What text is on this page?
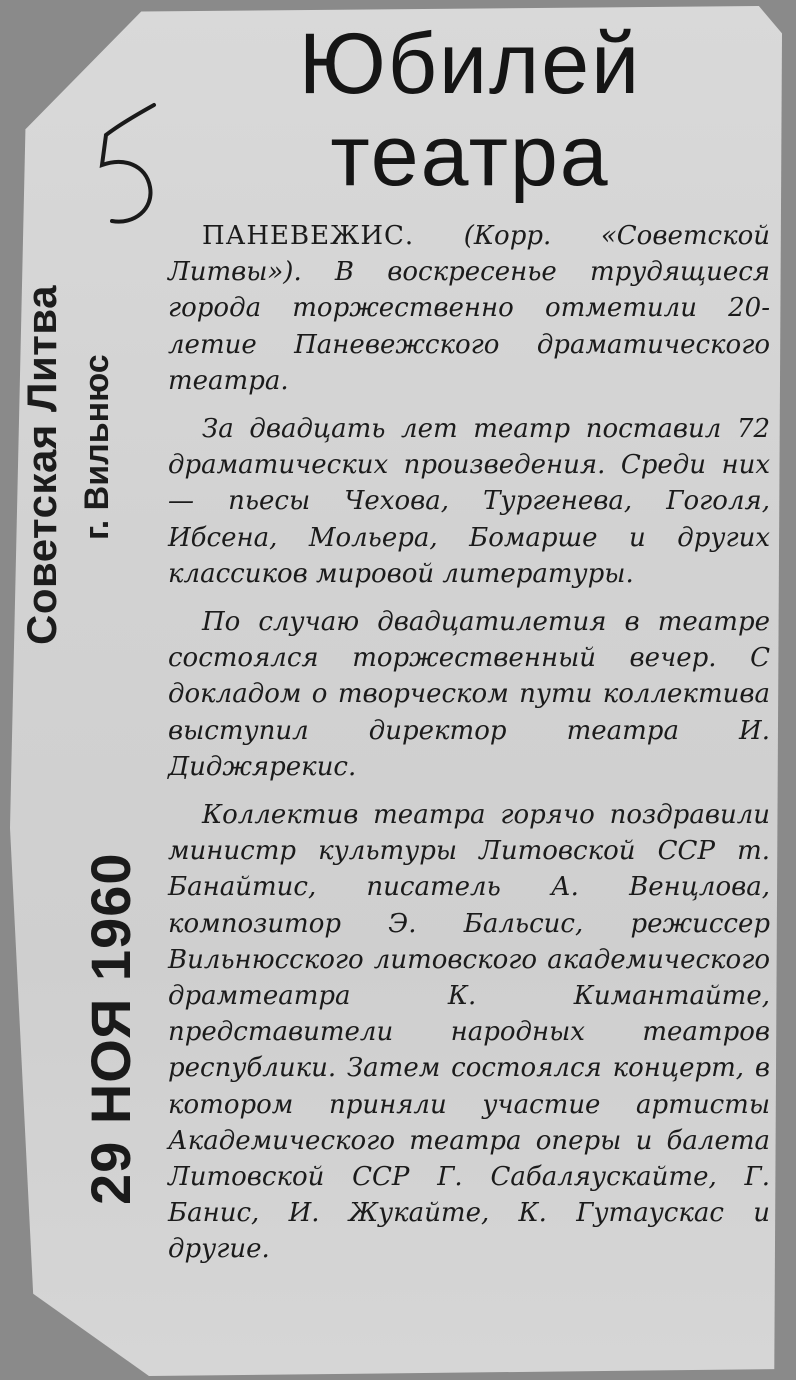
Советская Литва г. Вильнюс
29 НОЯ 1960
Юбилей
театра

ПАНЕВЕЖИС. (Корр. «Советской Литвы»). В воскресенье трудящиеся города торжественно отметили 20-летие Паневежского драматического театра.

За двадцать лет театр поставил 72 драматических произведения. Среди них — пьесы Чехова, Тургенева, Гоголя, Ибсена, Мольера, Бомарше и других классиков мировой литературы.

По случаю двадцатилетия в театре состоялся торжественный вечер. С докладом о творческом пути коллектива выступил директор театра И. Диджярекис.

Коллектив театра горячо поздравили министр культуры Литовской ССР т. Банайтис, писатель А. Венцлова, композитор Э. Бальсис, режиссер Вильнюсского литовского академического драмтеатра К. Кимантайте, представители народных театров республики. Затем состоялся концерт, в котором приняли участие артисты Академического театра оперы и балета Литовской ССР Г. Сабаляускайте, Г. Банис, И. Жукайте, К. Гутаускас и другие.
